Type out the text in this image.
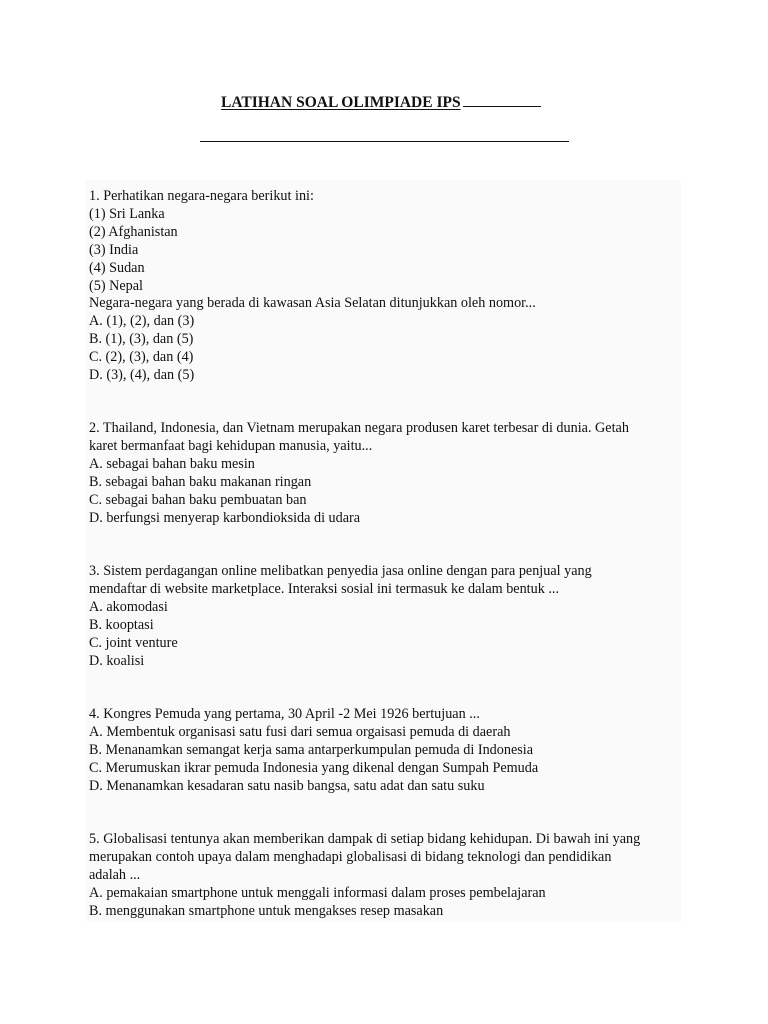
LATIHAN SOAL OLIMPIADE IPS

1. Perhatikan negara-negara berikut ini:

(1) Sri Lanka

(2) Afghanistan

(3) India

(4) Sudan

(5) Nepal

Negara-negara yang berada di kawasan Asia Selatan ditunjukkan oleh nomor...

A. (1), (2), dan (3)

B. (1), (3), dan (5)

C. (2), (3), dan (4)

D. (3), (4), dan (5)

2. Thailand, Indonesia, dan Vietnam merupakan negara produsen karet terbesar di dunia. Getah

karet bermanfaat bagi kehidupan manusia, yaitu...

A. sebagai bahan baku mesin

B. sebagai bahan baku makanan ringan

C. sebagai bahan baku pembuatan ban

D. berfungsi menyerap karbondioksida di udara

3. Sistem perdagangan online melibatkan penyedia jasa online dengan para penjual yang

mendaftar di website marketplace. Interaksi sosial ini termasuk ke dalam bentuk ...

A. akomodasi

B. kooptasi

C. joint venture

D. koalisi

4. Kongres Pemuda yang pertama, 30 April -2 Mei 1926 bertujuan ...

A. Membentuk organisasi satu fusi dari semua orgaisasi pemuda di daerah

B. Menanamkan semangat kerja sama antarperkumpulan pemuda di Indonesia

C. Merumuskan ikrar pemuda Indonesia yang dikenal dengan Sumpah Pemuda

D. Menanamkan kesadaran satu nasib bangsa, satu adat dan satu suku

5. Globalisasi tentunya akan memberikan dampak di setiap bidang kehidupan. Di bawah ini yang

merupakan contoh upaya dalam menghadapi globalisasi di bidang teknologi dan pendidikan

adalah ...

A. pemakaian smartphone untuk menggali informasi dalam proses pembelajaran

B. menggunakan smartphone untuk mengakses resep masakan
